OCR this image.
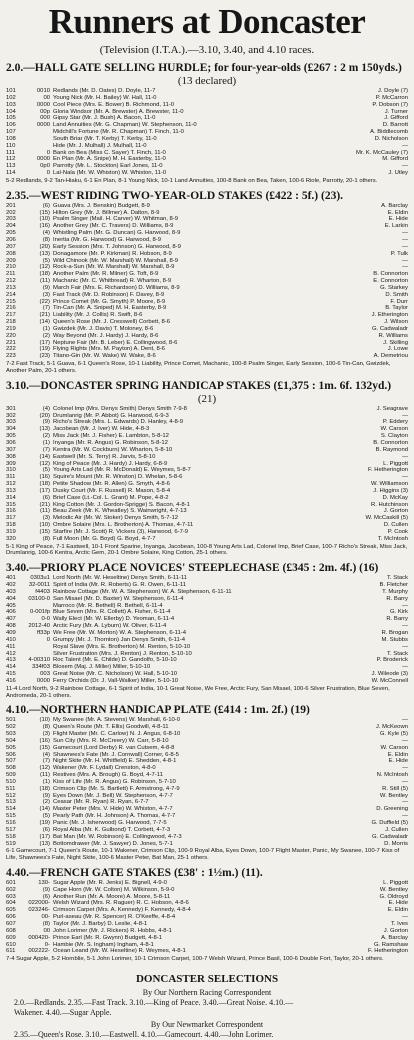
Runners at Doncaster
(Television (I.T.A.).—3.10, 3.40, and 4.10 races.
2.0.—HALL GATE SELLING HURDLE; for four-year-olds (£267 : 2 m 150yds.)
(13 declared)
101	0010 Redlands (Mr. D. Oates) D. Doyle, 11-7	J. Doyle (7)
102	00 Young Nick (Mr. H. Bailey) W. Hall, 11-0	P. McCarron
103	0000 Cool Piece (Mrs. E. Bower) B. Richmond, 11-0	P. Dobson (7)
104	00p Gloria Windsor (Mr. A. Brewster) A. Brewster, 11-0	J. Turner
105	000 Gipsy Star (Mr. J. Bush) A. Bacon, 11-0	J. Gifford
106	0000 Land Annuities (Mr. G. Chapman) W. Stephenson, 11-0	D. Barrott
107	Midchill's Fortune (Mr. R. Chapman) T. Finch, 11-0	A. Biddlecomb
108	South Briar (Mr. T. Kerby) T. Kerby, 11-0	D. Nicholson
110	Hide (Mr. J. Mulhall) J. Mulhall, 11-0	—
111	0 Bank on Bea (Miss C. Sayer) T. Finch, 11-0	Mr. K. McCauley (7)
112	0000 En Plan (Mr. A. Snipe) M. H. Easterby, 11-0	M. Gifford
113	0p0 Parrotty (Mr. L. Stockton) Earl Jones, 11-0	—
114	0 Lal-Nala (Mr. W. Whiston) W. Whiston, 11-0	J. Utley
5-2 Redlands, 9-2 Tan-Hiaku, 6-1 En Plan, 8-1 Young Nick, 10-1 Land Annuities, 100-8 Bank on Bea, Taken, 100-6 Riole, Parrotty, 20-1 others.
2.35.—WEST RIDING TWO-YEAR-OLD STAKES (£422 : 5f.) (23).
201	(6) Guava (Mrs. J. Benskin) Budgett, 8-9	A. Barclay
202	(15) Hilton Grey (Mr. J. Billmer) A. Dalton, 8-9	E. Eldin
203	(10) Psalm Singer (Mail. H. Carver) W. Whitman, 8-9	E. Hide
204	(16) Another Grey (Mr. C. Travers) D. Williams, 8-9	E. Larkin
205	(4) Whistling Palm (Mr. G. Duncan) G. Harwood, 8-9	—
206	(8) Inertia (Mr. G. Harwood) G. Harwood, 8-9	—
207	(20) Early Session (Mrs. T. Johnson) G. Harwood, 8-9	—
208	(13) Donagamore (Mr. P. Kirkman) R. Hobson, 8-9	P. Tulk
209	(5) Wild Chinook (Mr. W. Marshall) W. Marshall, 8-9	—
210	(12) Rock-a-Sun (Mr. W. Marshall) W. Marshall, 8-9	—
211	(18) Another Palm (Mr. R. Milner) G. Toft, 8-9	B. Connorton
212	(11) Machanic (Mr. C. Whitbread) R. Wharton, 8-9	E. Connorton
213	(9) March Fair (Mrs. E. Richardson) D. Williams, 8-9	G. Starkey
214	(3) Fast Track (Mr. D. Robinson) F. Davey, 8-9	D. Smith
215	(22) Prince Comet (Mr. G. Smyth) P. Moore, 8-9	F. Durr
216	(7) Tin-Can (Mr. A. Sniped) M. H. Easterby, 8-9	B. Taylor
217	(21) Liability (Mr. J. Collis) R. Swift, 8-6	J. Etherington
218	(14) Queen's Rose (Mr. J. Cresswell) Corbett, 8-6	J. Wilson
219	(1) Gwizdek (Mr. J. Davis) T. Moloney, 8-6	G. Cadwaladr
220	(2) Way Beyond (Mr. J. Hardy) J. Hardy, 8-6	R. Williams
221	(17) Neptune Fair (Mr. B. Leber) E. Collingwood, 8-6	J. Skilling
222	(19) Flying Rights (Mrs. M. Payton) A. Dent, 8-6	J. Lowe
223	(23) Titano-Gin (Mr. W. Wake) W. Wake, 8-6	A. Demetriou
7-2 Fast Track, 5-1 Guava, 6-1 Queen's Rose, 10-1 Liability, Prince Comet, Machanic, 100-8 Psalm Singer, Early Session, 100-6 Tin-Can, Gwizdek, Another Palm, 20-1 others.
3.10.—DONCASTER SPRING HANDICAP STAKES (£1,375 : 1m. 6f. 132yd.)
(21)
301	(4) Colonel Imp (Mrs. Denys Smith) Denys Smith 7-9-8	J. Seagrave
302	(20) Drumlanrig (Mr. P. Abbot) G. Harwood, 6-9-3	—
303	(9) Richo's Streak (Mrs. L. Edwards) D. Hanley, 4-8-9	P. Eddery
304	(13) Jacobean (Mr. J. Iver) W. Hide, 4-8-3	W. Carson
305	(2) Miss Jack (Mr. J. Fisher) E. Lambton, 5-8-12	S. Clayton
306	(1) Inyanga (Mr. R. Angus) G. Robinson, 5-8-12	B. Connorton
307	(7) Kentra (Mr. W. Cockburn) W. Wharton, 5-8-10	B. Raymond
308	(14) Eastwell (Mr. S. Terry) R. Jarvis, 5-8-10	—
309	(12) King of Peace (Mr. J. Hardy) J. Hardy, 6-8-9	L. Piggott
310	(5) Young Arts Lad (Mr. R. McDonald) E. Weymes, 5-8-7	F. Hetherington
311	(16) Squire's Mount (Mr. R. Winston) D. Whelan, 5-8-6	—
312	(18) Petite Shadow (Mr. R. Allen) G. Smyth, 4-8-6	W. Williamson
313	(17) Dusky Court (Mr. F. Russell) R. Mason, 5-8-4	J. Higgins (3)
314	(6) Brief Case (Lt.-Col. L. Grant) M. Pope, 4-8-2	D. McKay
315	(21) King Cotton (Mr. J. Gordon-Sprigge) S. Bacon, 4-8-1	R. Hutchinson
316	(11) Beau Zeek (Mr. K. Wheatley) S. Wainwright, 4-7-13	J. Gorton
317	(3) Melodic Air (Mr. W. Stoker) Denys Smith, 5-7-12	W. McCaskill (5)
318	(10) Ombre Solaire (Mrs. L. Brotherton) A. Thomas, 4-7-11	D. Cullen
319	(15) Starfire (Mr. J. Scott) R. Vickers (3), Harwood, 6-7-9	P. Cook
320	(8) Full Moon (Mr. G. Boyd) G. Boyd, 4-7-7	T. McIntosh
5-1 King of Peace, 7-1 Eastwell, 10-1 Front Sparine, Inyanga, Jacobean, 100-8 Young Arts Lad, Colonel Imp, Brief Case, 100-7 Richo's Streak, Miss Jack, Drumlanrig, 100-6 Kentra, Arctic Gem, 20-1 Ombre Solaire, King Cotton, 25-1 others.
3.40.—PRIORY PLACE NOVICES' STEEPLECHASE (£345 : 2m. 4f.) (16)
401	0303u1 Lord North (Mr. W. Heseltine) Denys Smith, 6-11-11	T. Stack
402	32-0011 Spirit of India (Mr. R. Roberts) G. R. Owen, 6-11-11	B. Fletcher
403	f4403 Rainbow Cottage (Mr. W. A. Stephenson) W. A. Stephenson, 6-11-11	T. Murphy
404	03100-0 San Misael (Mr. D. Baxter) W. Stephenson, 6-11-4	R. Barry
405	Marroco (Mr. R. Bethell) R. Bethell, 6-11-4	—
406	0-001fp Blue Seven (Mrs. R. Collett) A. Fisher, 6-11-4	G. Kirk
407	0-0 Wally Elect (Mr. W. Ellerby) D. Yeoman, 6-11-4	R. Barry
408	2012-40 Arctic Fury (Mr. A. Lyburn) W. Oliver, 6-11-4	—
409	ff33p We Free (Mr. W. Morton) W. A. Stephenson, 6-11-4	R. Brogan
410	0 Grumpy (Mr. J. Thornton) Jan Denys Smith, 6-11-4	M. Stubbs
411	Royal Slave (Mrs. E. Brotherton) M. Renton, 5-10-10	—
412	Silver Frustration (Mrs. J. Renton) J. Renton, 5-10-10	T. Stack
413	4-00310 Roc Talent (Mr. E. Childe) D. Gandolfo, 5-10-10	P. Broderick
414	334f03 Bloxem (Maj. J. Miller) Miller, 5-10-10	—
415	003 Great Noise (Mr. C. Nicholson) W. Hall, 5-10-10	J. Wileode (3)
416	0000 Ferry Orchids (Dr. J. Vall-Walker) Miller, 5-10-10	W. McConnell
11-4 Lord North, 9-2 Rainbow Cottage, 6-1 Spirit of India, 10-1 Great Noise, We Free, Arctic Fury, San Misael, 100-6 Silver Frustration, Blue Seven, Andromeda, 20-1 others.
4.10.—NORTHERN HANDICAP PLATE (£414 : 1m. 2f.) (19)
501	(10) My Swanee (Mr. A. Stevens) W. Marshall, 6-10-0	—
502	(8) Queen's Route (Mr. T. Ellis) Goodwill, 4-8-11	J. McKeown
503	(3) Flight Master (Mr. C. Carlow) N. J. Angus, 6-8-10	G. Kyle (5)
504	(16) Sun City (Mrs. R. McCreery) W. Carr, 5-8-10	—
505	(15) Gamecourt (Lord Derby) R. van Cutsem, 4-8-8	W. Carson
506	(4) Shawnees's Fate (Mr. J. Cornwall) Corner, 6-8-5	E. Eldin
507	(7) Night Skite (Mr. H. Whitfield) E. Shedden, 4-8-1	E. Hide
508	(12) Wakener (Mr. F. Lydall) Crenston, 4-8-0	—
509	(11) Restives (Mrs. A. Brough) G. Boyd, 4-7-11	N. McIntosh
510	(1) Kiss of Life (Mr. R. Angus) G. Robinson, 5-7-10	—
511	(18) Crimson Clip (Mr. S. Bartlett) F. Armstrong, 4-7-9	R. Still (5)
512	(9) Eyes Down (Mr. J. Bell) W. Stephenson, 4-7-7	W. Bentley
513	(2) Ceasar (Mr. R. Ryan) R. Ryan, 6-7-7	—
514	(14) Master Peter (Mrs. V. Hide) W. Whiston, 4-7-7	D. Greening
515	(5) Pearly Path (Mr. H. Johnson) A. Thomas, 4-7-7	—
516	(19) Panic (Mr. J. Isherwood) G. Harwood, 7-7-5	G. Duffield (5)
517	(6) Royal Alba (Mr. K. Gulbond) T. Corbett, 4-7-3	J. Cullen
518	(17) Bat Man (Mr. W. Robinson) E. Collingwood, 4-7-3	G. Cadwaladr
519	(13) Bottomdrawer (Mr. J. Sawyer) D. Jones, 5-7-1	D. Morris
6-1 Gamecourt, 7-1 Queen's Route, 10-1 Wakener, Crimson Clip, 100-9 Royal Alba, Eyes Down, 100-7 Flight Master, Panic, My Swanee, 100-7 Kiss of Life, Shawnees's Fate, Night Skite, 100-6 Master Peter, Bat Man, 25-1 others.
4.40.—FRENCH GATE STAKES (£38' : 1½m.) (11).
601	130- Sugar Apple (Mr. R. Jenks) E. Bignell, 4-9-0	L. Piggott
602	(9) Cape Horn (Mr. W. Colton) M. Wilkinson, 5-9-0	W. Bentley
603	(6) Another Run (Mr. A. Moore) A. Moore, 5-8-11	G. Oldroyd
604	022000- Welsh Wizard (Mrs. R. Raguer) R. C. Hobson, 4-8-6	E. Hide
605	023246- Crimson Carpet (Mrs. A. Kennedy) F. Kennedy, 4-8-4	E. Eldin
606	00- Purl-aseau (Mr. R. Spencer) R. O'Keeffe, 4-8-4	—
607	(8) Taylor (Mr. J. Barby) D. Leslie, 4-8-1	T. Ives
608	00 John Lorimer (Mr. J. Rickers) R. Hobbs, 4-8-1	J. Gorton
609	000420- Prince Earl (Mr. R. Gwynn) Budgett, 4-8-1	A. Barclay
610	0- Hambie (Mr. S. Ingham) Ingham, 4-8-1	G. Ramshaw
611	002222- Ocean Leand (Mr. W. Heseltine) R. Weymes, 4-8-1	F. Hetherington
7-4 Sugar Apple, 5-2 Hornblie, 5-1 John Lorimer, 10-1 Crimson Carpet, 100-7 Welsh Wizard, Prince Basil, 100-6 Double Fort, Taylor, 20-1 others.
DONCASTER SELECTIONS
By Our Northern Racing Correspondent
2.0.—Redlands. 2.35.—Fast Track. 3.10.—King of Peace. 3.40.—Great Noise. 4.10.—
Wakener. 4.40.—Sugar Apple.
By Our Newmarket Correspondent
2.35.—Queen's Rose. 3.10.—Eastwell. 4.10.—Gamecourt. 4.40.—John Lorimer.
